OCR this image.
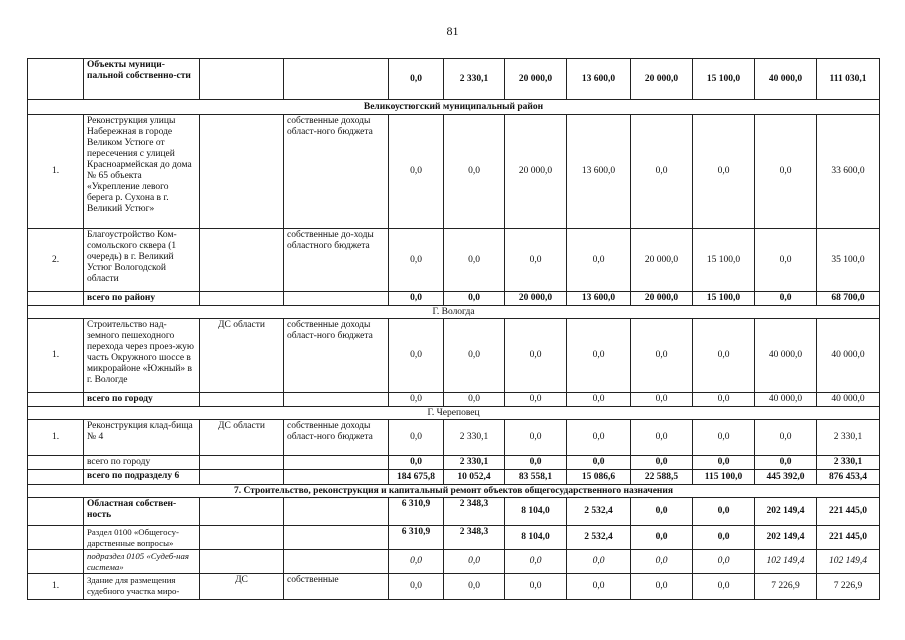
81
	Объекты муници-пальной собственно-сти			0,0	2 330,1	20 000,0	13 600,0	20 000,0	15 100,0	40 000,0	111 030,1
Великоустюгский муниципальный район											
1.	Реконструкция улицы Набережная в городе Великом Устюге от пересечения с улицей Красноармейская до дома № 65 объекта «Укрепление левого берега р. Сухона в г. Великий Устюг»		собственные доходы област-ного бюджета	0,0	0,0	20 000,0	13 600,0	0,0	0,0	0,0	33 600,0
2.	Благоустройство Ком-сомольского сквера (1 очередь) в г. Великий Устюг Вологодской области		собственные до-ходы областного бюджета	0,0	0,0	0,0	0,0	20 000,0	15 100,0	0,0	35 100,0
	всего по району			0,0	0,0	20 000,0	13 600,0	20 000,0	15 100,0	0,0	68 700,0
Г. Вологда											
1.	Строительство над-земного пешеходного перехода через проез-жую часть Окружного шоссе в микрорайоне «Южный» в г. Вологде	ДС области	собственные доходы област-ного бюджета	0,0	0,0	0,0	0,0	0,0	0,0	40 000,0	40 000,0
	всего по городу			0,0	0,0	0,0	0,0	0,0	0,0	40 000,0	40 000,0
Г. Череповец											
1.	Реконструкция клад-бища № 4	ДС области	собственные доходы област-ного бюджета	0,0	2 330,1	0,0	0,0	0,0	0,0	0,0	2 330,1
	всего по городу			0,0	2 330,1	0,0	0,0	0,0	0,0	0,0	2 330,1
	всего по подразделу 6			184 675,8	10 052,4	83 558,1	15 086,6	22 588,5	115 100,0	445 392,0	876 453,4
7. Строительство, реконструкция и капитальный ремонт объектов общегосударственного назначения											
	Областная собствен-ность			6 310,9	2 348,3	8 104,0	2 532,4	0,0	0,0	202 149,4	221 445,0
	Раздел 0100 «Общегосу-дарственные вопросы»			6 310,9	2 348,3	8 104,0	2 532,4	0,0	0,0	202 149,4	221 445,0
	подраздел 0105 «Судеб-ная система»			0,0	0,0	0,0	0,0	0,0	0,0	102 149,4	102 149,4
1.	Здание для размещения судебного участка миро-	ДС	собственные	0,0	0,0	0,0	0,0	0,0	0,0	7 226,9	7 226,9
